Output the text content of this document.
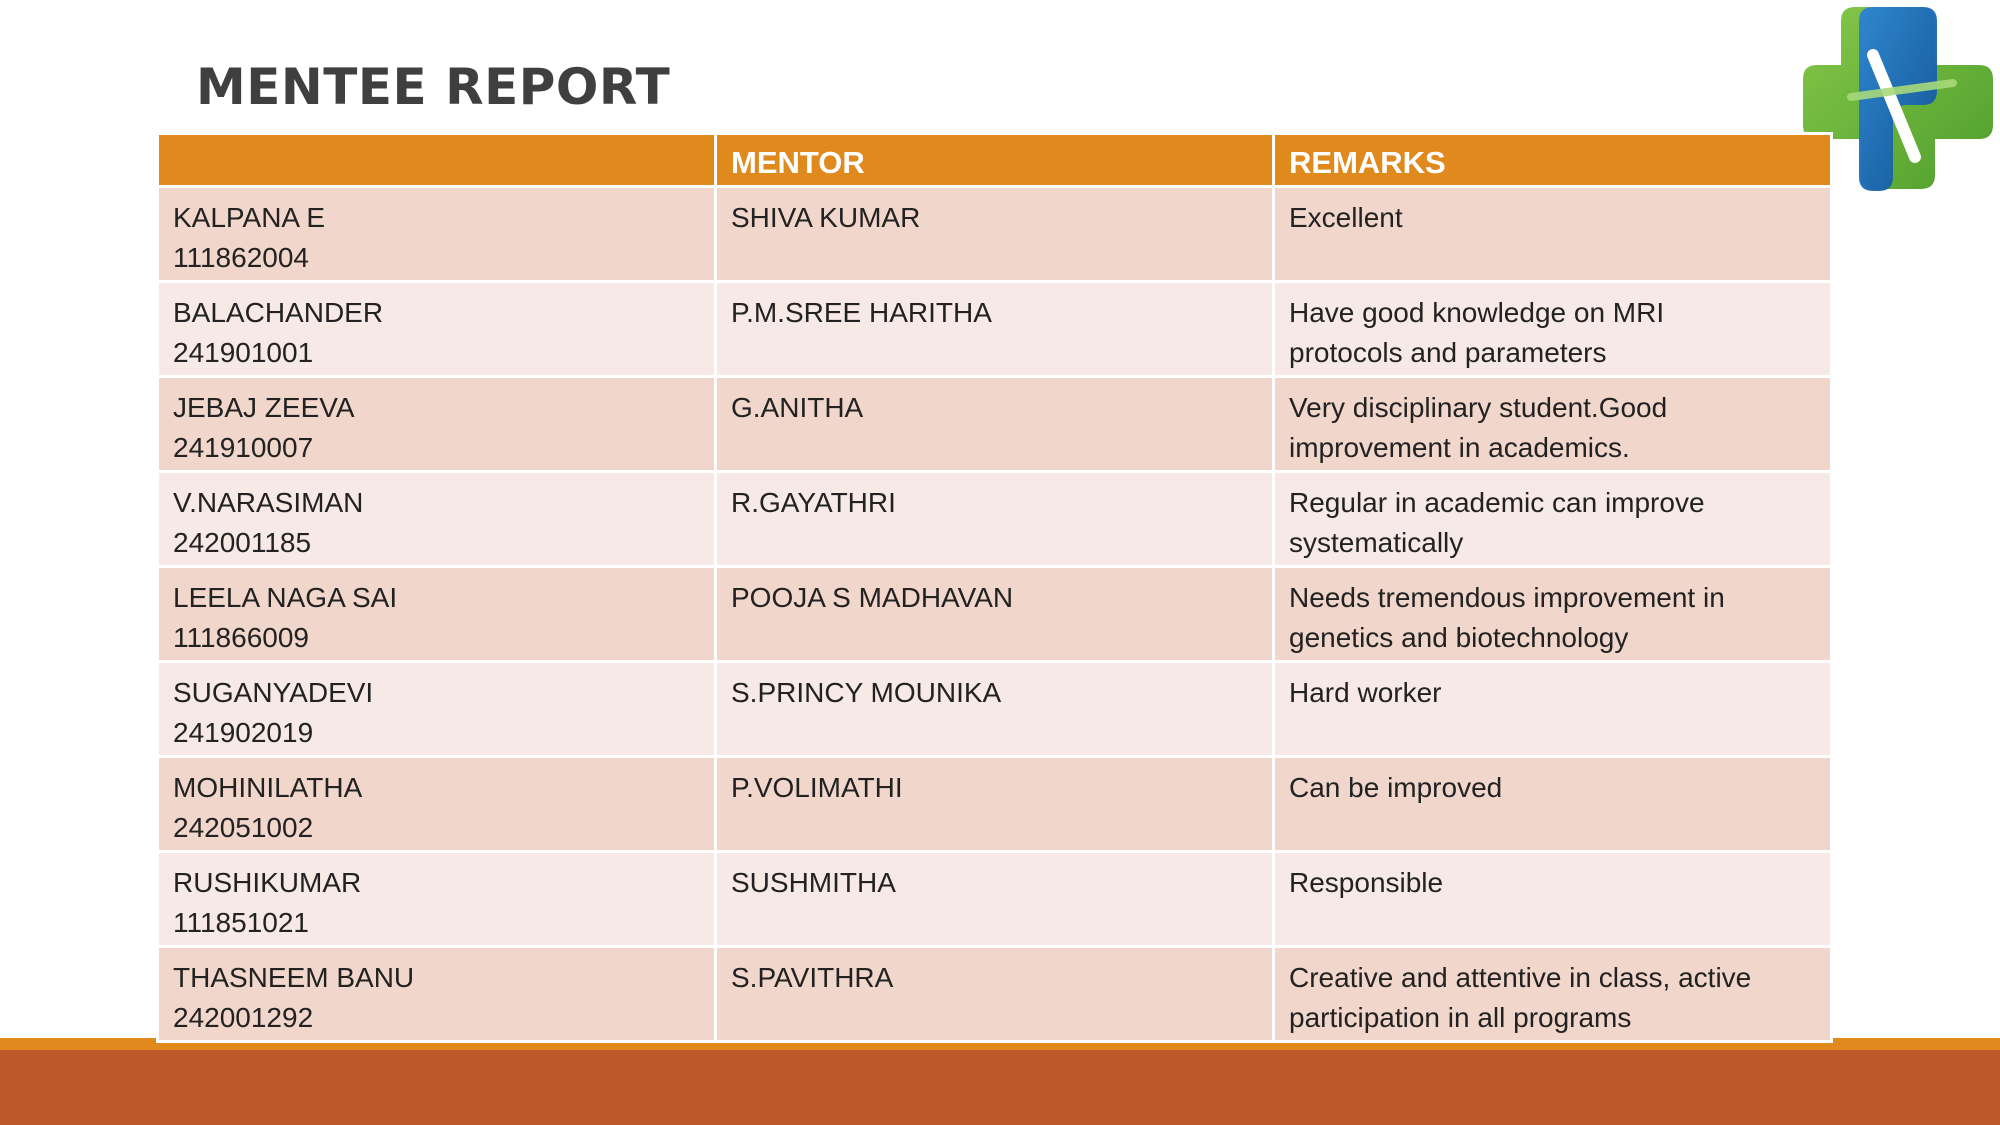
MENTEE REPORT
	MENTOR	REMARKS

KALPANA E
111862004	SHIVA KUMAR	Excellent

BALACHANDER
241901001	P.M.SREE HARITHA	Have good knowledge on MRI
protocols and parameters

JEBAJ ZEEVA
241910007	G.ANITHA	Very disciplinary student.Good
improvement in academics.

V.NARASIMAN
242001185	R.GAYATHRI	Regular in academic can improve
systematically

LEELA NAGA SAI
111866009	POOJA S MADHAVAN	Needs tremendous improvement in
genetics and biotechnology

SUGANYADEVI
241902019	S.PRINCY MOUNIKA	Hard worker

MOHINILATHA
242051002	P.VOLIMATHI	Can be improved

RUSHIKUMAR
111851021	SUSHMITHA	Responsible

THASNEEM BANU
242001292	S.PAVITHRA	Creative and attentive in class, active
participation in all programs
